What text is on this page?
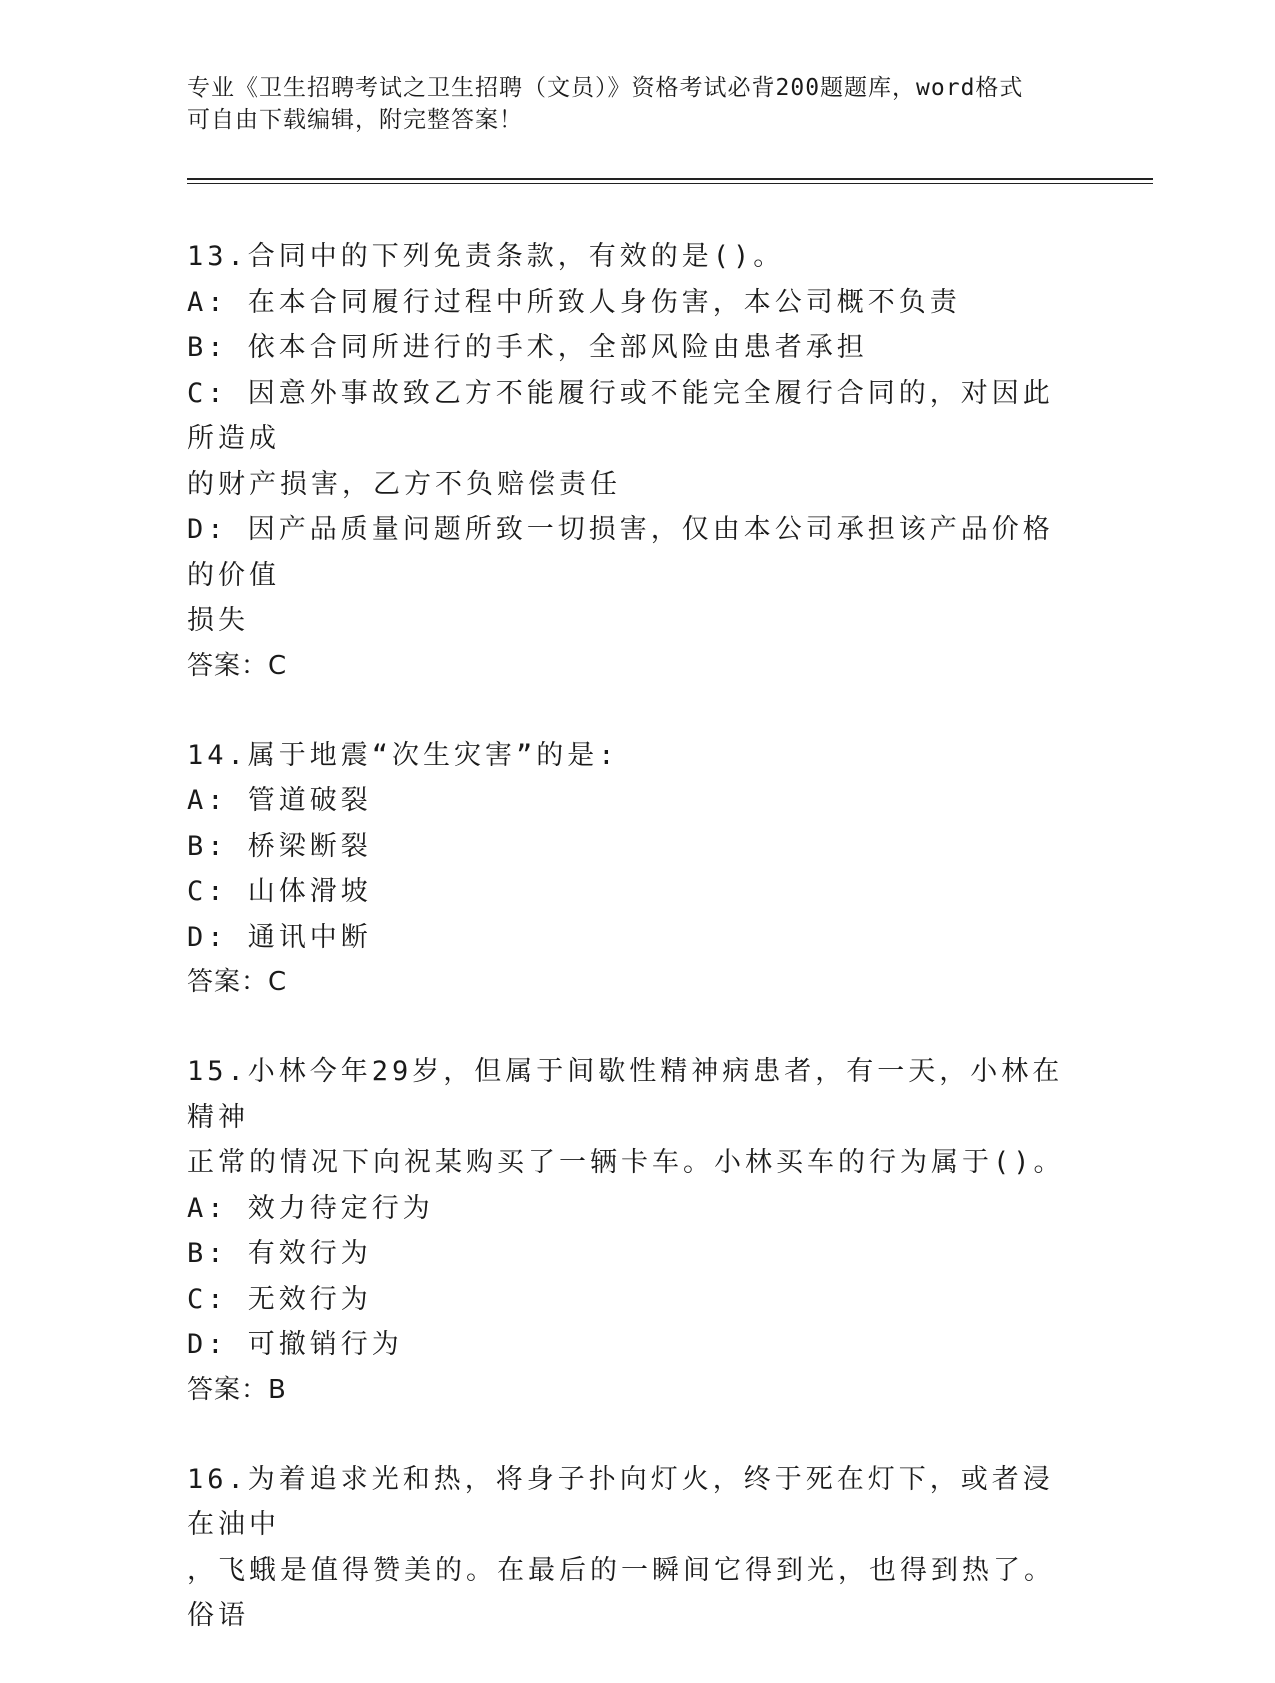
专业《卫生招聘考试之卫生招聘（文员）》资格考试必背200题题库，word格式
可自由下载编辑，附完整答案！
13.合同中的下列免责条款，有效的是()。
A: 在本合同履行过程中所致人身伤害，本公司概不负责
B: 依本合同所进行的手术，全部风险由患者承担
C: 因意外事故致乙方不能履行或不能完全履行合同的，对因此所造成
的财产损害，乙方不负赔偿责任
D: 因产品质量问题所致一切损害，仅由本公司承担该产品价格的价值
损失
答案：C
14.属于地震“次生灾害”的是:
A: 管道破裂
B: 桥梁断裂
C: 山体滑坡
D: 通讯中断
答案：C
15.小林今年29岁，但属于间歇性精神病患者，有一天，小林在精神
正常的情况下向祝某购买了一辆卡车。小林买车的行为属于()。
A: 效力待定行为
B: 有效行为
C: 无效行为
D: 可撤销行为
答案：B
16.为着追求光和热，将身子扑向灯火，终于死在灯下，或者浸在油中
，飞蛾是值得赞美的。在最后的一瞬间它得到光，也得到热了。俗语
